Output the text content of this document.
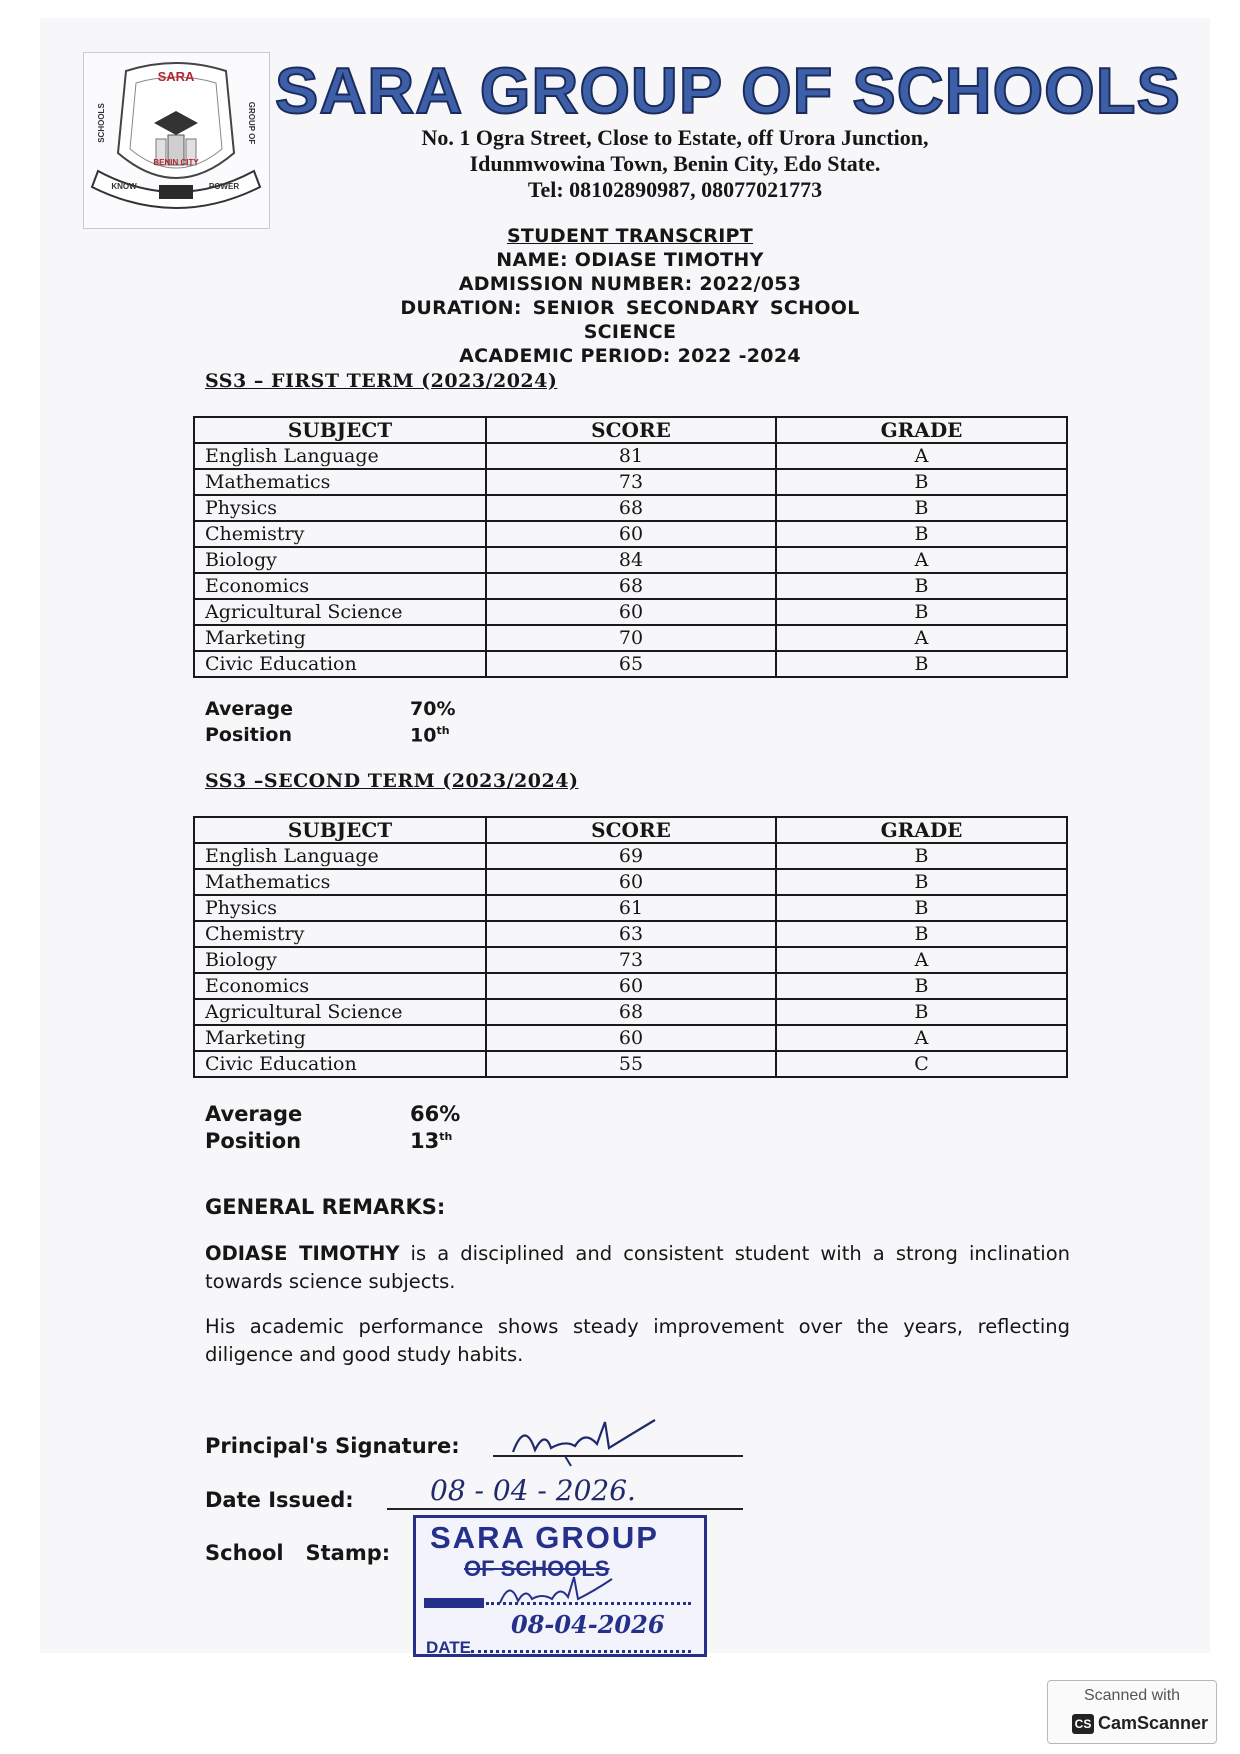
SARA
BENIN CITY
SCHOOLS	GROUP OF
KNOW	POWER
SARA GROUP OF SCHOOLS
No. 1 Ogra Street, Close to Estate, off Urora Junction,
Idunmwowina Town, Benin City, Edo State.
Tel: 08102890987, 08077021773
STUDENT TRANSCRIPT
NAME: ODIASE TIMOTHY
ADMISSION NUMBER: 2022/053
DURATION: SENIOR SECONDARY SCHOOL
SCIENCE
ACADEMIC PERIOD: 2022 -2024
SS3 – FIRST TERM (2023/2024)
SUBJECT	SCORE	GRADE
English Language	81	A
Mathematics	73	B
Physics	68	B
Chemistry	60	B
Biology	84	A
Economics	68	B
Agricultural Science	60	B
Marketing	70	A
Civic Education	65	B
Average	70%
Position	10th
SS3 –SECOND TERM (2023/2024)
SUBJECT	SCORE	GRADE
English Language	69	B
Mathematics	60	B
Physics	61	B
Chemistry	63	B
Biology	73	A
Economics	60	B
Agricultural Science	68	B
Marketing	60	A
Civic Education	55	C
Average	66%
Position	13th
GENERAL REMARKS:
ODIASE TIMOTHY is a disciplined and consistent student with a strong inclination towards science subjects.
His academic performance shows steady improvement over the years, reflecting diligence and good study habits.
Principal's Signature:
Date Issued:	08 - 04 - 2026.
School   Stamp: SARA GROUP
OF SCHOOLS
DATE
08-04-2026
Scanned with
CS CamScanner
